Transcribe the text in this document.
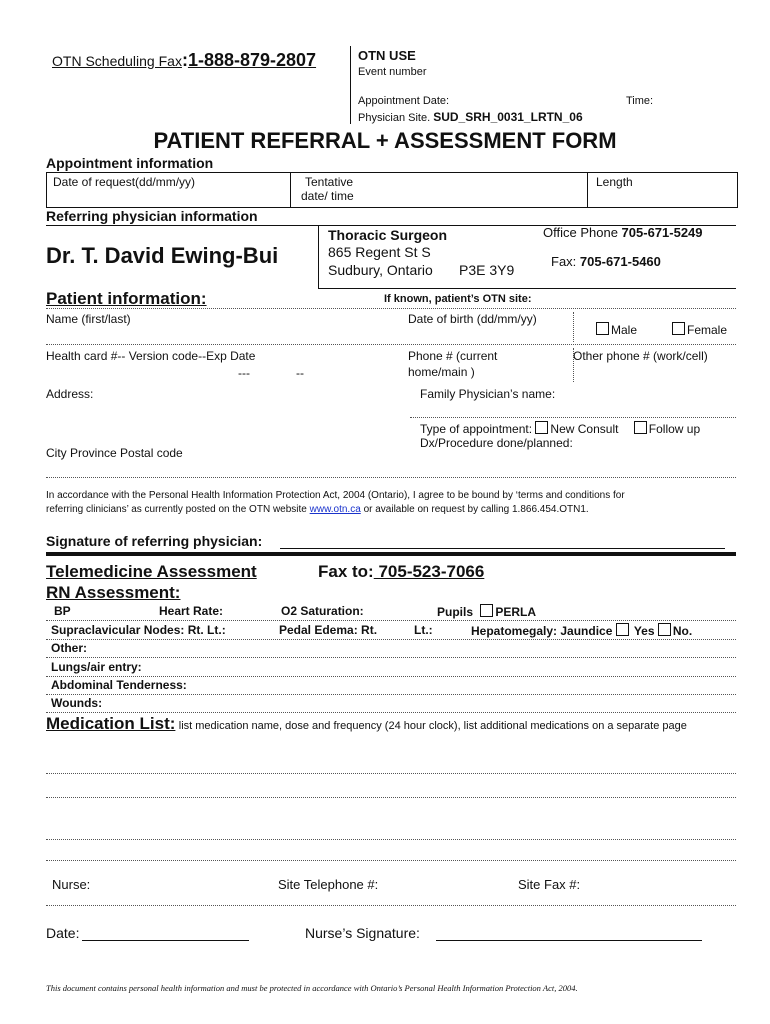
OTN Scheduling Fax:1-888-879-2807	OTN USE
Event number
Appointment Date:	Time:
Physician Site. SUD_SRH_0031_LRTN_06
PATIENT REFERRAL + ASSESSMENT FORM
Appointment information
Date of request(dd/mm/yy)	Tentative
date/ time
Length
Referring physician information
Dr. T. David Ewing-Bui
Thoracic Surgeon
865 Regent St S
Sudbury, Ontario P3E 3Y9
Office Phone 705-671-5249
Fax: 705-671-5460
Patient information:	If known, patient’s OTN site:
Name (first/last)	Date of birth (dd/mm/yy)
Male	Female
Health card #-- Version code--Exp Date
---	--
Phone # (current
home/main )
Other phone # (work/cell)
Address:	Family Physician’s name:
Type of appointment: New Consult	Follow up
Dx/Procedure done/planned:
City Province Postal code
In accordance with the Personal Health Information Protection Act, 2004 (Ontario), I agree to be bound by ‘terms and conditions for
referring clinicians’ as currently posted on the OTN website www.otn.ca or available on request by calling 1.866.454.OTN1.
Signature of referring physician:
Telemedicine Assessment	Fax to: 705-523-7066
RN Assessment:
BP	Heart Rate:	O2 Saturation:	Pupils PERLA
Supraclavicular Nodes: Rt. Lt.:	Pedal Edema: Rt.	Lt.:	Hepatomegaly: Jaundice Yes No.
Other:
Lungs/air entry:
Abdominal Tenderness:
Wounds:
Medication List: list medication name, dose and frequency (24 hour clock), list additional medications on a separate page
Nurse:	Site Telephone #:	Site Fax #:
Date:	Nurse’s Signature:
This document contains personal health information and must be protected in accordance with Ontario’s Personal Health Information Protection Act, 2004.
